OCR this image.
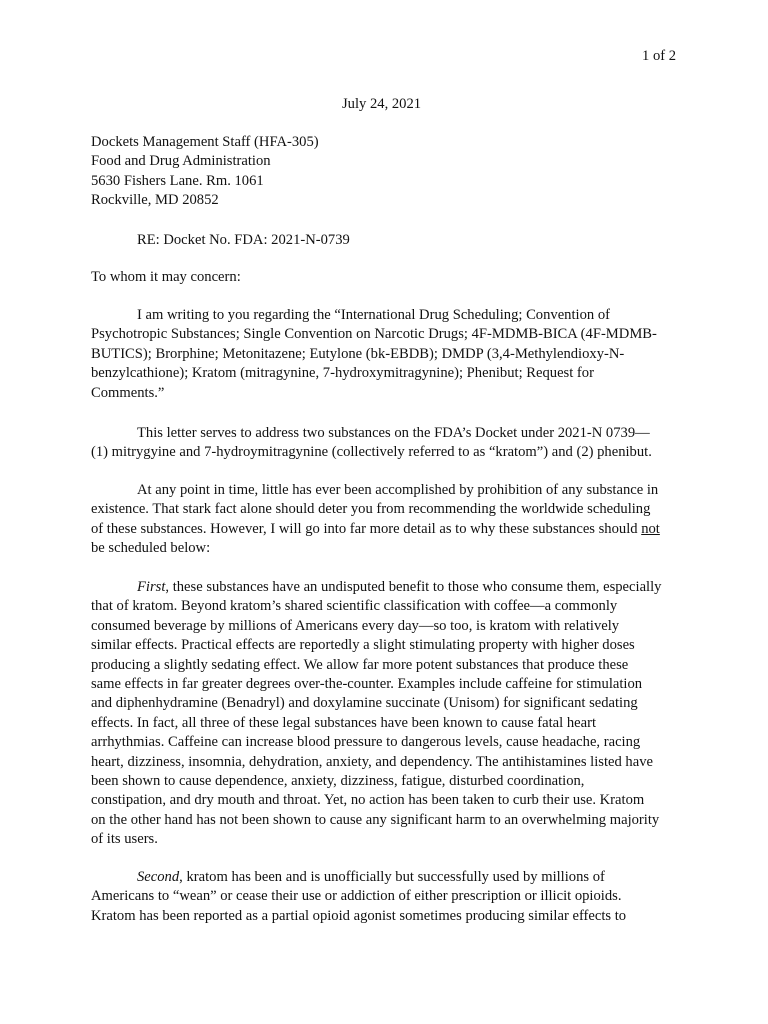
1 of 2
July 24, 2021
Dockets Management Staff (HFA-305)
Food and Drug Administration
5630 Fishers Lane. Rm. 1061
Rockville, MD 20852
RE: Docket No. FDA: 2021-N-0739
To whom it may concern:
I am writing to you regarding the “International Drug Scheduling; Convention of
Psychotropic Substances; Single Convention on Narcotic Drugs; 4F-MDMB-BICA (4F-MDMB-
BUTICS); Brorphine; Metonitazene; Eutylone (bk-EBDB); DMDP (3,4-Methylendioxy-N-
benzylcathione); Kratom (mitragynine, 7-hydroxymitragynine); Phenibut; Request for
Comments.”
This letter serves to address two substances on the FDA’s Docket under 2021-N 0739—
(1) mitrygyine and 7-hydroymitragynine (collectively referred to as “kratom”) and (2) phenibut.
At any point in time, little has ever been accomplished by prohibition of any substance in
existence. That stark fact alone should deter you from recommending the worldwide scheduling
of these substances. However, I will go into far more detail as to why these substances should not
be scheduled below:
First, these substances have an undisputed benefit to those who consume them, especially
that of kratom. Beyond kratom’s shared scientific classification with coffee—a commonly
consumed beverage by millions of Americans every day—so too, is kratom with relatively
similar effects. Practical effects are reportedly a slight stimulating property with higher doses
producing a slightly sedating effect. We allow far more potent substances that produce these
same effects in far greater degrees over-the-counter. Examples include caffeine for stimulation
and diphenhydramine (Benadryl) and doxylamine succinate (Unisom) for significant sedating
effects. In fact, all three of these legal substances have been known to cause fatal heart
arrhythmias. Caffeine can increase blood pressure to dangerous levels, cause headache, racing
heart, dizziness, insomnia, dehydration, anxiety, and dependency. The antihistamines listed have
been shown to cause dependence, anxiety, dizziness, fatigue, disturbed coordination,
constipation, and dry mouth and throat. Yet, no action has been taken to curb their use. Kratom
on the other hand has not been shown to cause any significant harm to an overwhelming majority
of its users.
Second, kratom has been and is unofficially but successfully used by millions of
Americans to “wean” or cease their use or addiction of either prescription or illicit opioids.
Kratom has been reported as a partial opioid agonist sometimes producing similar effects to
